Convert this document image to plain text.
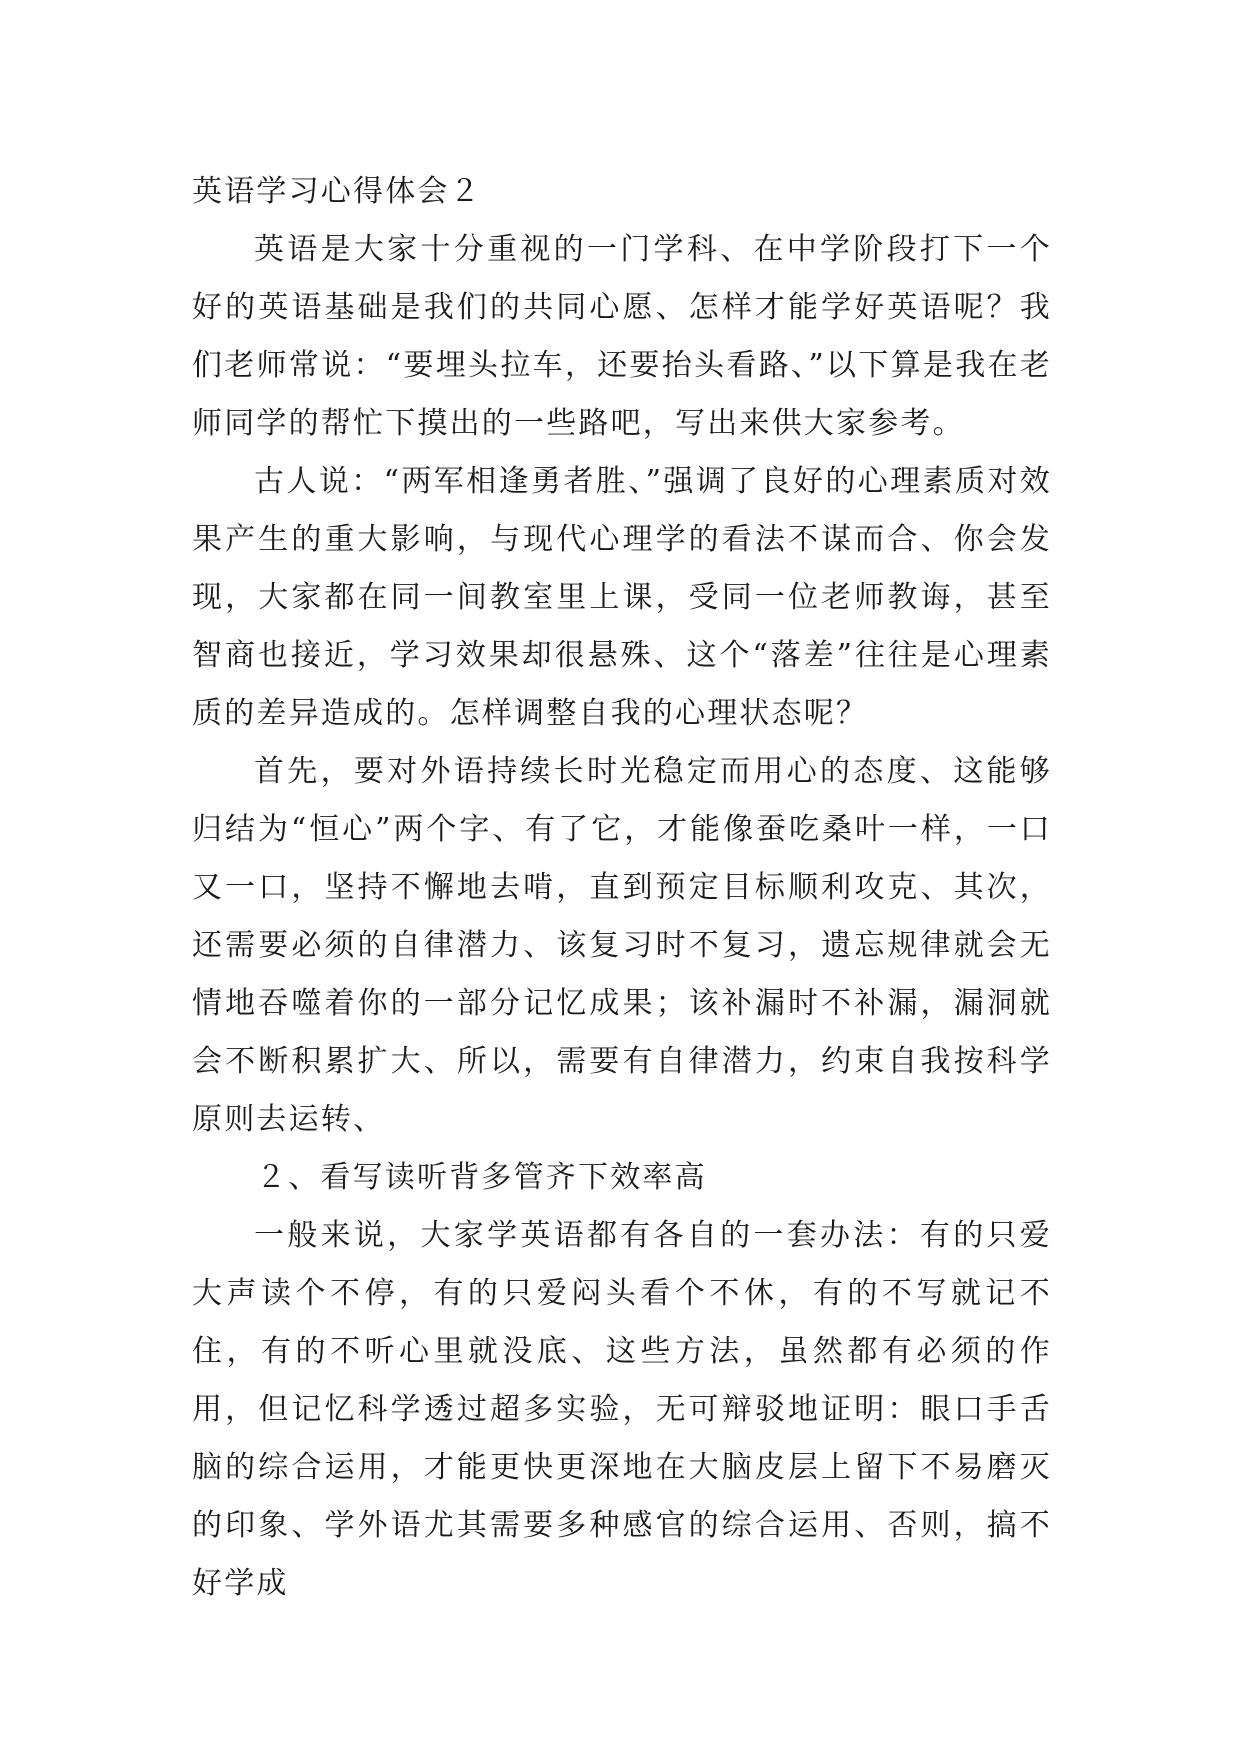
英语学习心得体会２

英语是大家十分重视的一门学科、在中学阶段打下一个好的英语基础是我们的共同心愿、怎样才能学好英语呢？我们老师常说：“要埋头拉车，还要抬头看路、”以下算是我在老师同学的帮忙下摸出的一些路吧，写出来供大家参考。

古人说：“两军相逢勇者胜、”强调了良好的心理素质对效果产生的重大影响，与现代心理学的看法不谋而合、你会发现，大家都在同一间教室里上课，受同一位老师教诲，甚至智商也接近，学习效果却很悬殊、这个“落差”往往是心理素质的差异造成的。怎样调整自我的心理状态呢？

首先，要对外语持续长时光稳定而用心的态度、这能够归结为“恒心”两个字、有了它，才能像蚕吃桑叶一样，一口又一口，坚持不懈地去啃，直到预定目标顺利攻克、其次，还需要必须的自律潜力、该复习时不复习，遗忘规律就会无情地吞噬着你的一部分记忆成果；该补漏时不补漏，漏洞就会不断积累扩大、所以，需要有自律潜力，约束自我按科学原则去运转、

２、看写读听背多管齐下效率高

一般来说，大家学英语都有各自的一套办法：有的只爱大声读个不停，有的只爱闷头看个不休，有的不写就记不住，有的不听心里就没底、这些方法，虽然都有必须的作用，但记忆科学透过超多实验，无可辩驳地证明：眼口手舌脑的综合运用，才能更快更深地在大脑皮层上留下不易磨灭的印象、学外语尤其需要多种感官的综合运用、否则，搞不好学成
